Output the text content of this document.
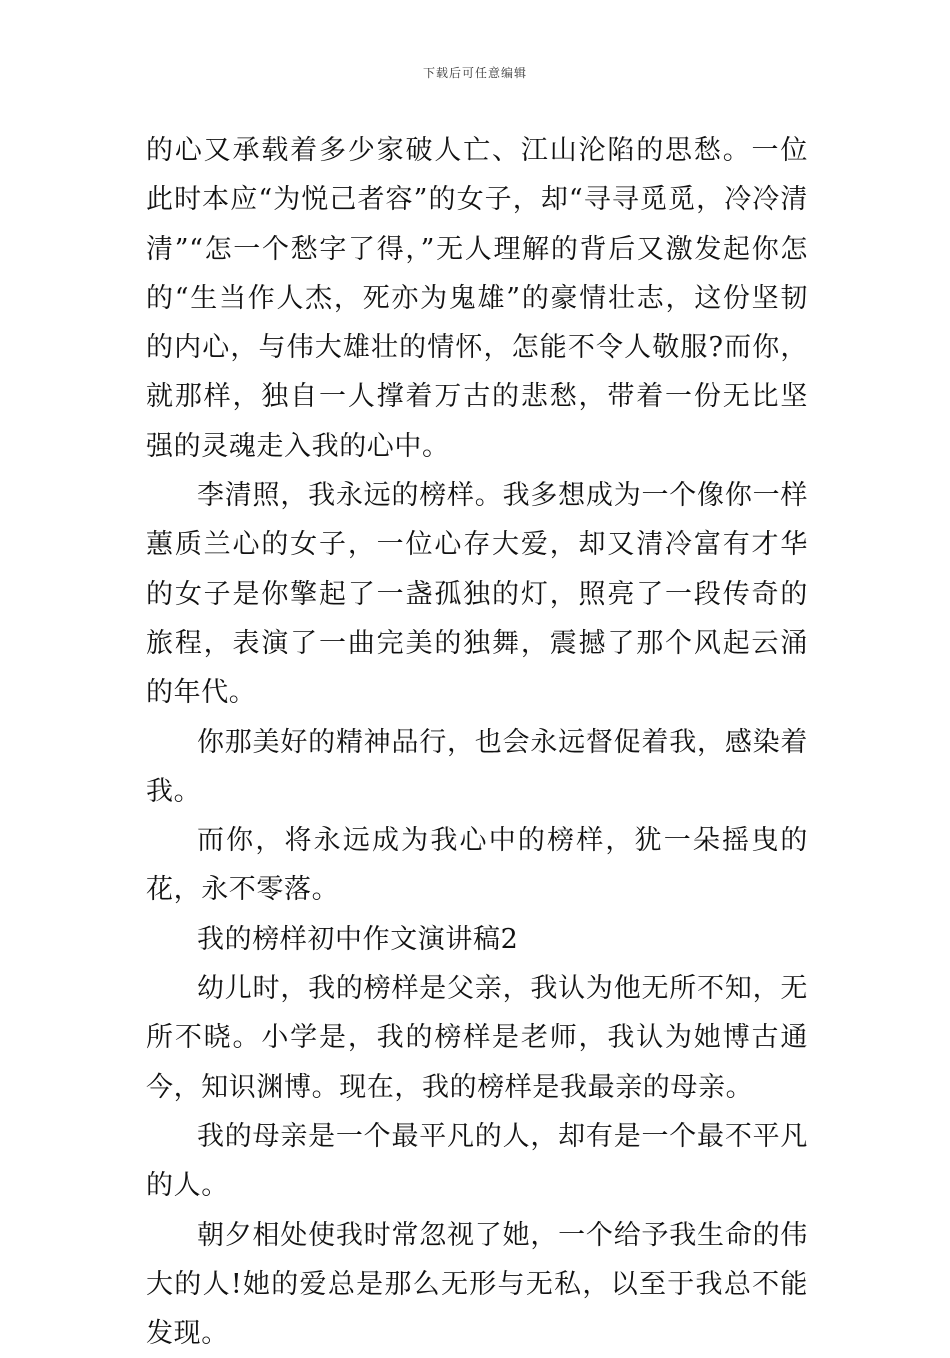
下载后可任意编辑

的心又承载着多少家破人亡、江山沦陷的思愁。一位此时本应“为悦己者容”的女子，却“寻寻觅觅，冷冷清清”“怎一个愁字了得，”无人理解的背后又激发起你怎的“生当作人杰，死亦为鬼雄”的豪情壮志，这份坚韧的内心，与伟大雄壮的情怀，怎能不令人敬服?而你，就那样，独自一人撑着万古的悲愁，带着一份无比坚强的灵魂走入我的心中。

李清照，我永远的榜样。我多想成为一个像你一样蕙质兰心的女子，一位心存大爱，却又清冷富有才华的女子是你擎起了一盏孤独的灯，照亮了一段传奇的旅程，表演了一曲完美的独舞，震撼了那个风起云涌的年代。

你那美好的精神品行，也会永远督促着我，感染着我。

而你，将永远成为我心中的榜样，犹一朵摇曳的花，永不零落。

我的榜样初中作文演讲稿2

幼儿时，我的榜样是父亲，我认为他无所不知，无所不晓。小学是，我的榜样是老师，我认为她博古通今，知识渊博。现在，我的榜样是我最亲的母亲。

我的母亲是一个最平凡的人，却有是一个最不平凡的人。

朝夕相处使我时常忽视了她，一个给予我生命的伟大的人!她的爱总是那么无形与无私，以至于我总不能发现。
